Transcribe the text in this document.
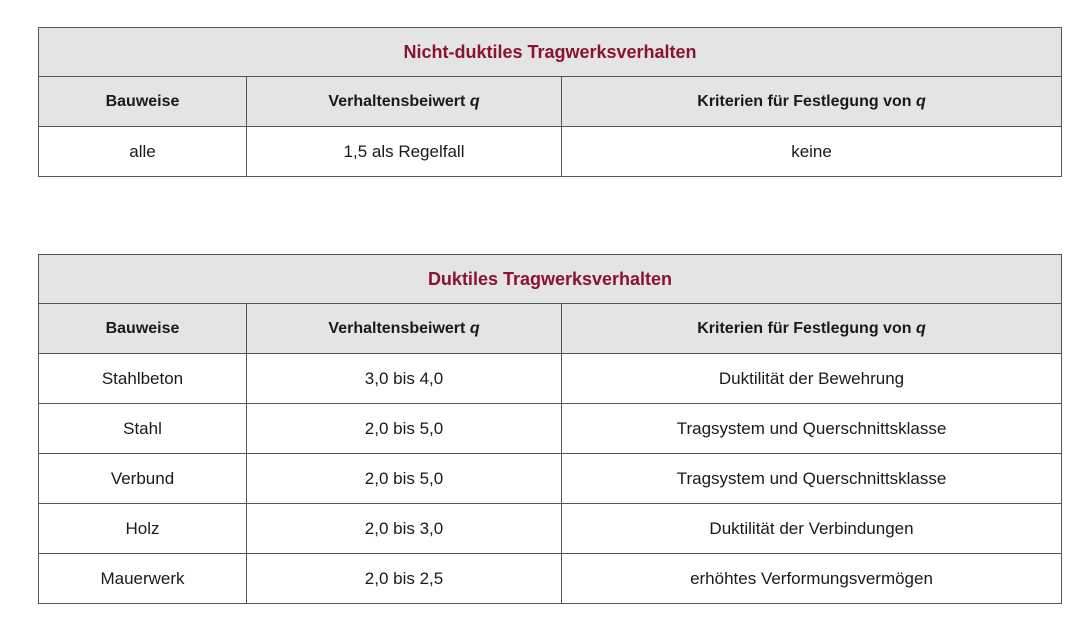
Nicht-duktiles Tragwerksverhalten		
Bauweise	Verhaltensbeiwert q	Kriterien für Festlegung von q
alle	1,5 als Regelfall	keine
Duktiles Tragwerksverhalten		
Bauweise	Verhaltensbeiwert q	Kriterien für Festlegung von q
Stahlbeton	3,0 bis 4,0	Duktilität der Bewehrung
Stahl	2,0 bis 5,0	Tragsystem und Querschnittsklasse
Verbund	2,0 bis 5,0	Tragsystem und Querschnittsklasse
Holz	2,0 bis 3,0	Duktilität der Verbindungen
Mauerwerk	2,0 bis 2,5	erhöhtes Verformungsvermögen
